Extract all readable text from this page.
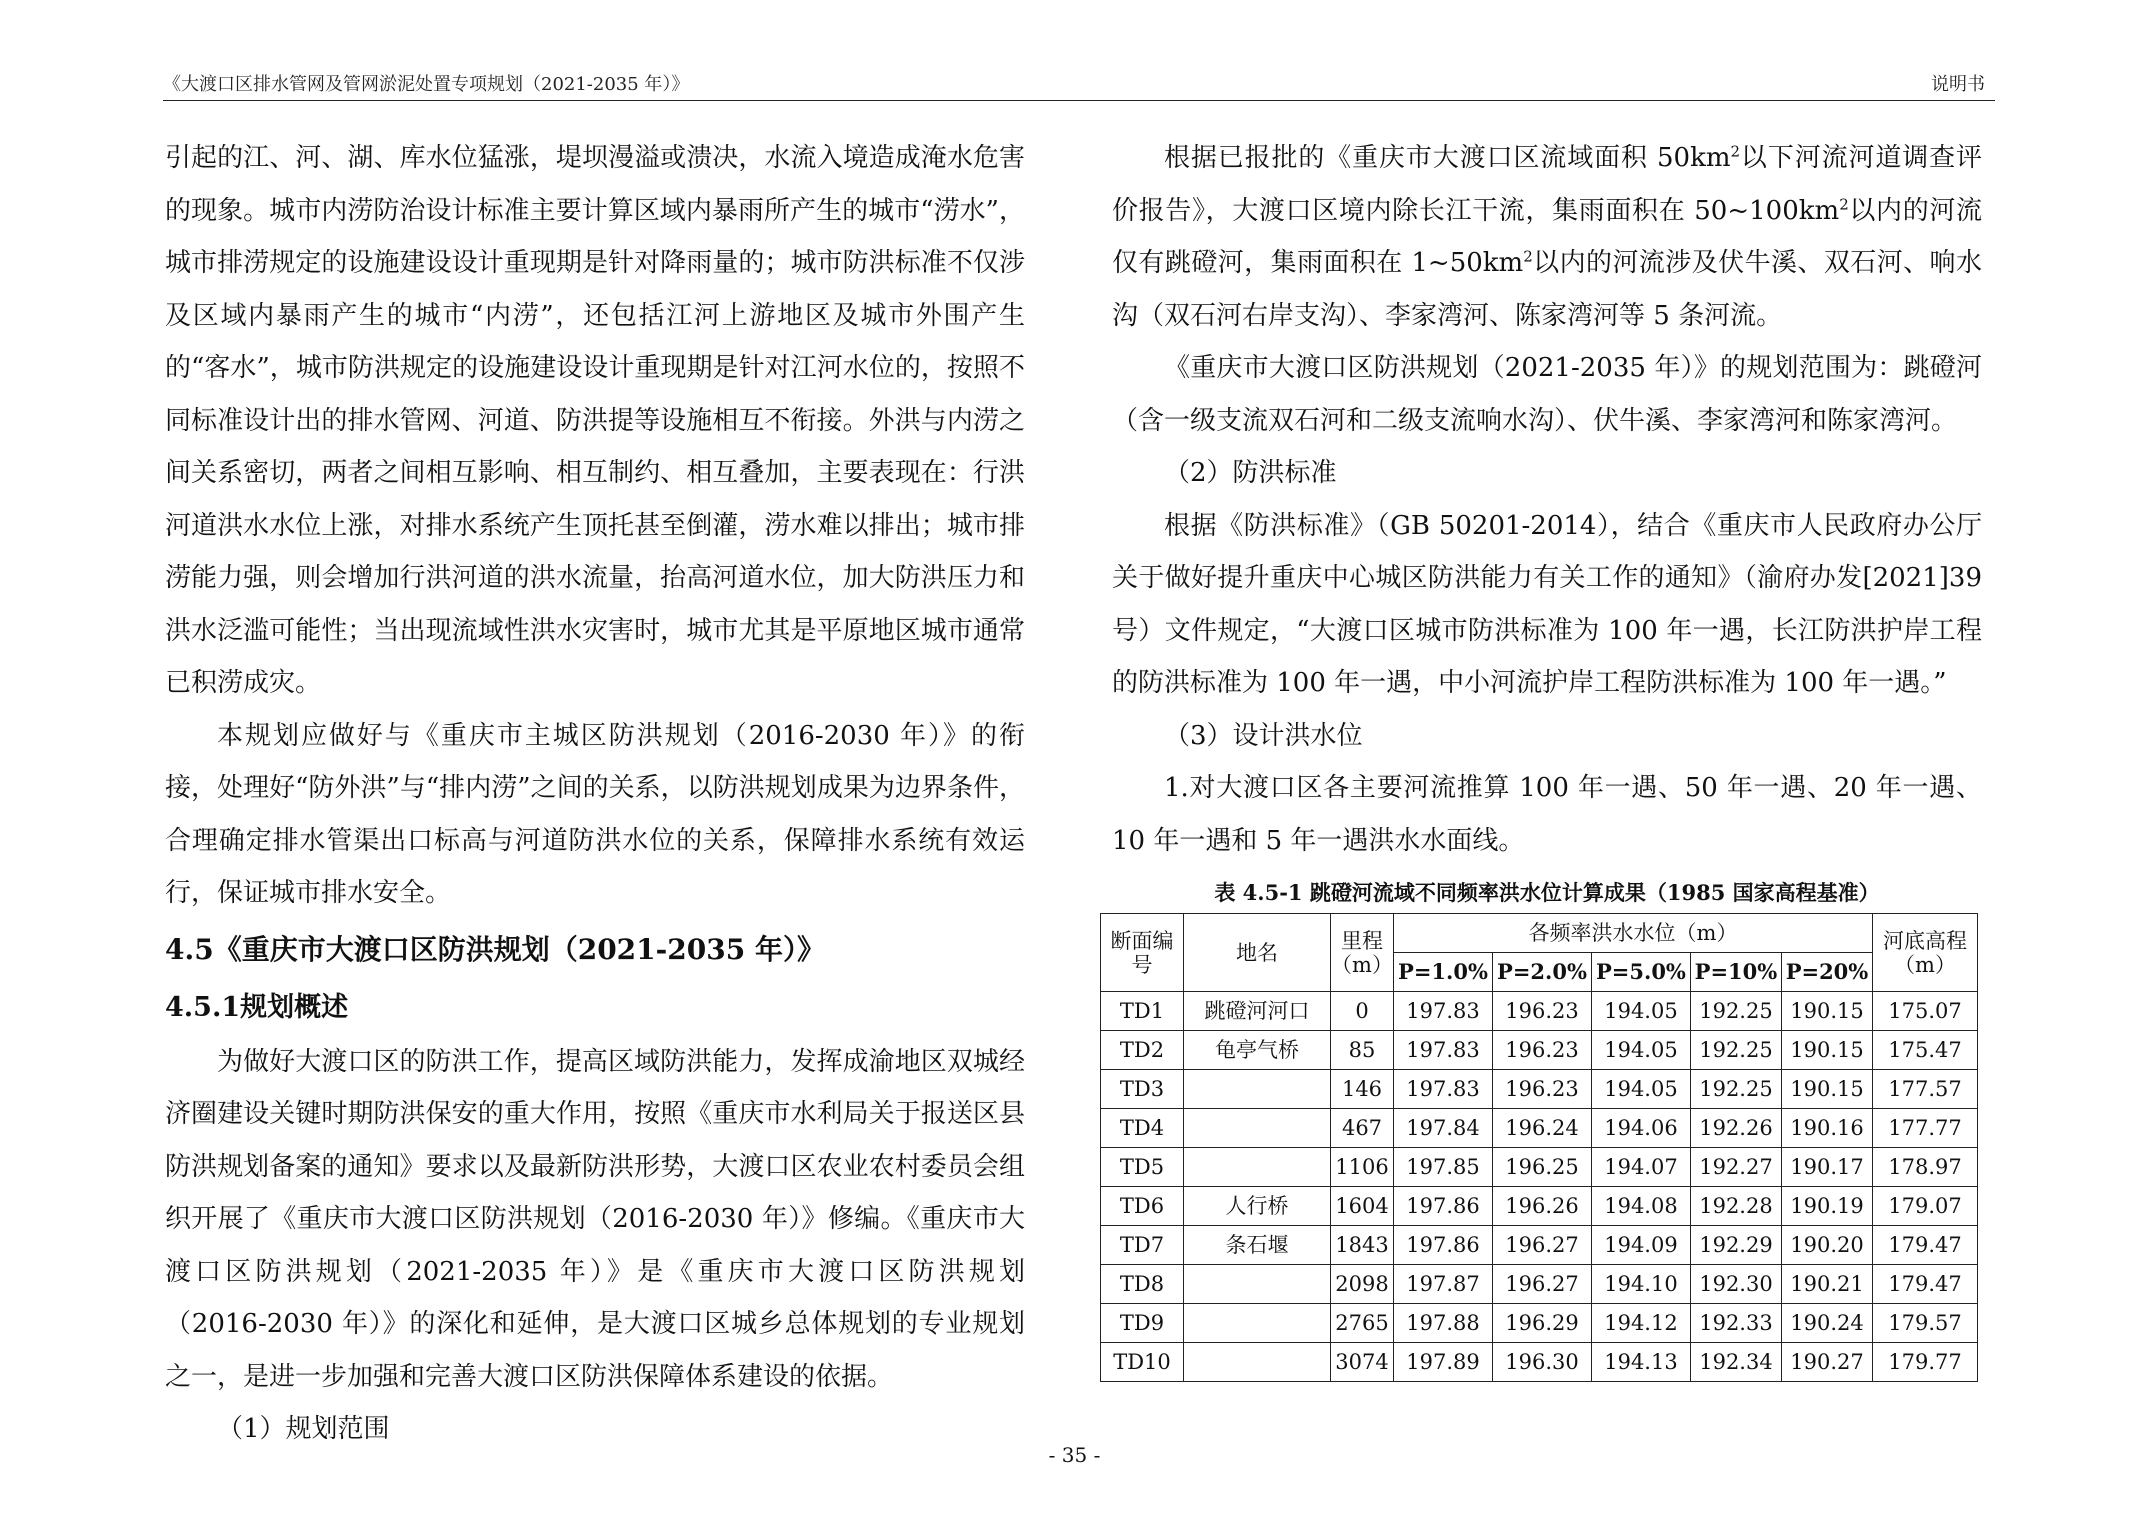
《大渡口区排水管网及管网淤泥处置专项规划（2021-2035 年）》	说明书

引起的江、河、湖、库水位猛涨，堤坝漫溢或溃决，水流入境造成淹水危害的现象。城市内涝防治设计标准主要计算区域内暴雨所产生的城市“涝水”，城市排涝规定的设施建设设计重现期是针对降雨量的；城市防洪标准不仅涉及区域内暴雨产生的城市“内涝”，还包括江河上游地区及城市外围产生的“客水”，城市防洪规定的设施建设设计重现期是针对江河水位的，按照不同标准设计出的排水管网、河道、防洪提等设施相互不衔接。外洪与内涝之间关系密切，两者之间相互影响、相互制约、相互叠加，主要表现在：行洪河道洪水水位上涨，对排水系统产生顶托甚至倒灌，涝水难以排出；城市排涝能力强，则会增加行洪河道的洪水流量，抬高河道水位，加大防洪压力和洪水泛滥可能性；当出现流域性洪水灾害时，城市尤其是平原地区城市通常已积涝成灾。

本规划应做好与《重庆市主城区防洪规划（2016-2030 年）》的衔接，处理好“防外洪”与“排内涝”之间的关系，以防洪规划成果为边界条件，合理确定排水管渠出口标高与河道防洪水位的关系，保障排水系统有效运行，保证城市排水安全。

4.5《重庆市大渡口区防洪规划（2021-2035 年）》
4.5.1规划概述

为做好大渡口区的防洪工作，提高区域防洪能力，发挥成渝地区双城经济圈建设关键时期防洪保安的重大作用，按照《重庆市水利局关于报送区县防洪规划备案的通知》要求以及最新防洪形势，大渡口区农业农村委员会组织开展了《重庆市大渡口区防洪规划（2016-2030 年）》修编。《重庆市大渡口区防洪规划（2021-2035 年）》是《重庆市大渡口区防洪规划（2016-2030 年）》的深化和延伸，是大渡口区城乡总体规划的专业规划之一，是进一步加强和完善大渡口区防洪保障体系建设的依据。

（1）规划范围

根据已报批的《重庆市大渡口区流域面积 $50km^2$以下河流河道调查评价报告》，大渡口区境内除长江干流，集雨面积在 $50\sim 100km^2$以内的河流仅有跳磴河，集雨面积在 $1\sim 50km^2$以内的河流涉及伏牛溪、双石河、响水沟（双石河右岸支沟）、李家湾河、陈家湾河等 5 条河流。

《重庆市大渡口区防洪规划（2021-2035 年）》的规划范围为：跳磴河（含一级支流双石河和二级支流响水沟）、伏牛溪、李家湾河和陈家湾河。

（2）防洪标准

根据《防洪标准》（GB 50201-2014），结合《重庆市人民政府办公厅关于做好提升重庆中心城区防洪能力有关工作的通知》（渝府办发[2021]39 号）文件规定，“大渡口区城市防洪标准为 100 年一遇，长江防洪护岸工程的防洪标准为 100 年一遇，中小河流护岸工程防洪标准为 100 年一遇。”

（3）设计洪水位

1.对大渡口区各主要河流推算 100 年一遇、50 年一遇、20 年一遇、10 年一遇和 5 年一遇洪水水面线。

表 4.5-1 跳磴河流域不同频率洪水位计算成果（1985 国家高程基准）
断面编号	地名	里程（m）	各频率洪水水位（m）					河底高程（m）
			P=1.0%	P=2.0%	P=5.0%	P=10%	P=20%	
TD1	跳磴河河口	0	197.83	196.23	194.05	192.25	190.15	175.07
TD2	龟亭气桥	85	197.83	196.23	194.05	192.25	190.15	175.47
TD3		146	197.83	196.23	194.05	192.25	190.15	177.57
TD4		467	197.84	196.24	194.06	192.26	190.16	177.77
TD5		1106	197.85	196.25	194.07	192.27	190.17	178.97
TD6	人行桥	1604	197.86	196.26	194.08	192.28	190.19	179.07
TD7	条石堰	1843	197.86	196.27	194.09	192.29	190.20	179.47
TD8		2098	197.87	196.27	194.10	192.30	190.21	179.47
TD9		2765	197.88	196.29	194.12	192.33	190.24	179.57
TD10		3074	197.89	196.30	194.13	192.34	190.27	179.77
- 35 -
